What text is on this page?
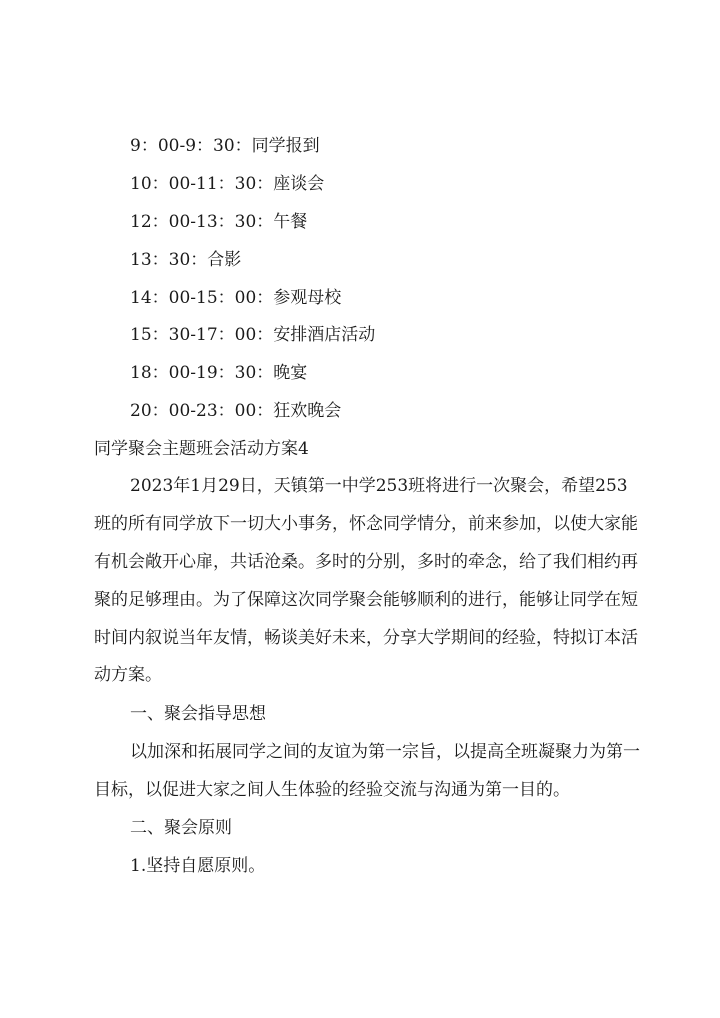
9：00-9：30：同学报到
10：00-11：30：座谈会
12：00-13：30：午餐
13：30：合影
14：00-15：00：参观母校
15：30-17：00：安排酒店活动
18：00-19：30：晚宴
20：00-23：00：狂欢晚会
同学聚会主题班会活动方案4
2023年1月29日，天镇第一中学253班将进行一次聚会，希望253
班的所有同学放下一切大小事务，怀念同学情分，前来参加，以使大家能
有机会敞开心扉，共话沧桑。多时的分别，多时的牵念，给了我们相约再
聚的足够理由。为了保障这次同学聚会能够顺利的进行，能够让同学在短
时间内叙说当年友情，畅谈美好未来，分享大学期间的经验，特拟订本活
动方案。
一、聚会指导思想
以加深和拓展同学之间的友谊为第一宗旨，以提高全班凝聚力为第一
目标，以促进大家之间人生体验的经验交流与沟通为第一目的。
二、聚会原则
1.坚持自愿原则。
